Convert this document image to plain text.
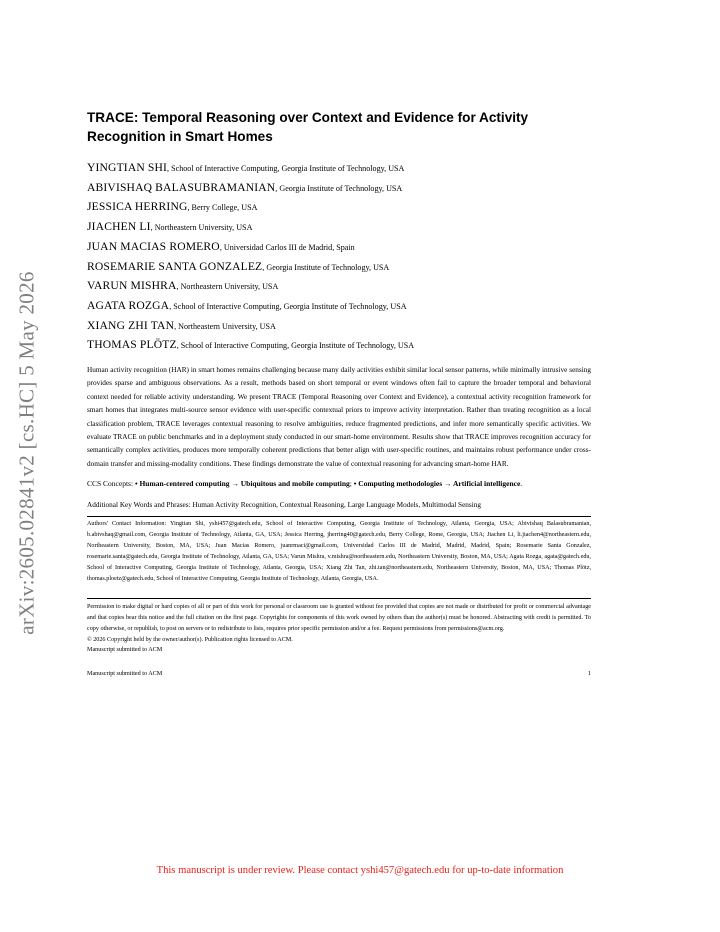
arXiv:2605.02841v2 [cs.HC] 5 May 2026
TRACE: Temporal Reasoning over Context and Evidence for Activity Recognition in Smart Homes
YINGTIAN SHI, School of Interactive Computing, Georgia Institute of Technology, USA
ABIVISHAQ BALASUBRAMANIAN, Georgia Institute of Technology, USA
JESSICA HERRING, Berry College, USA
JIACHEN LI, Northeastern University, USA
JUAN MACIAS ROMERO, Universidad Carlos III de Madrid, Spain
ROSEMARIE SANTA GONZALEZ, Georgia Institute of Technology, USA
VARUN MISHRA, Northeastern University, USA
AGATA ROZGA, School of Interactive Computing, Georgia Institute of Technology, USA
XIANG ZHI TAN, Northeastern University, USA
THOMAS PLÖTZ, School of Interactive Computing, Georgia Institute of Technology, USA
Human activity recognition (HAR) in smart homes remains challenging because many daily activities exhibit similar local sensor patterns, while minimally intrusive sensing provides sparse and ambiguous observations. As a result, methods based on short temporal or event windows often fail to capture the broader temporal and behavioral context needed for reliable activity understanding. We present TRACE (Temporal Reasoning over Context and Evidence), a contextual activity recognition framework for smart homes that integrates multi-source sensor evidence with user-specific contextual priors to improve activity interpretation. Rather than treating recognition as a local classification problem, TRACE leverages contextual reasoning to resolve ambiguities, reduce fragmented predictions, and infer more semantically specific activities. We evaluate TRACE on public benchmarks and in a deployment study conducted in our smart-home environment. Results show that TRACE improves recognition accuracy for semantically complex activities, produces more temporally coherent predictions that better align with user-specific routines, and maintains robust performance under cross-domain transfer and missing-modality conditions. These findings demonstrate the value of contextual reasoning for advancing smart-home HAR.
CCS Concepts: • Human-centered computing → Ubiquitous and mobile computing; • Computing methodologies → Artificial intelligence.
Additional Key Words and Phrases: Human Activity Recognition, Contextual Reasoning, Large Language Models, Multimodal Sensing
Authors' Contact Information: Yingtian Shi, yshi457@gatech.edu, School of Interactive Computing, Georgia Institute of Technology, Atlanta, Georgia, USA; Abivishaq Balasubramanian, b.abivshaq@gmail.com, Georgia Institute of Technology, Atlanta, GA, USA; Jessica Herring, jherring40@gatech.edu, Berry College, Rome, Georgia, USA; Jiachen Li, li.jiachen4@northeastern.edu, Northeastern University, Boston, MA, USA; Juan Macias Romero, juanrmaci@gmail.com, Universidad Carlos III de Madrid, Madrid, Madrid, Spain; Rosemarie Santa Gonzalez, rosemarie.santa@gatech.edu, Georgia Institute of Technology, Atlanta, GA, USA; Varun Mishra, v.mishra@northeastern.edu, Northeastern University, Boston, MA, USA; Agata Rozga, agata@gatech.edu, School of Interactive Computing, Georgia Institute of Technology, Atlanta, Georgia, USA; Xiang Zhi Tan, zhi.tan@northeastern.edu, Northeastern University, Boston, MA, USA; Thomas Plötz, thomas.ploetz@gatech.edu, School of Interactive Computing, Georgia Institute of Technology, Atlanta, Georgia, USA.
Permission to make digital or hard copies of all or part of this work for personal or classroom use is granted without fee provided that copies are not made or distributed for profit or commercial advantage and that copies bear this notice and the full citation on the first page. Copyrights for components of this work owned by others than the author(s) must be honored. Abstracting with credit is permitted. To copy otherwise, or republish, to post on servers or to redistribute to lists, requires prior specific permission and/or a fee. Request permissions from permissions@acm.org.
© 2026 Copyright held by the owner/author(s). Publication rights licensed to ACM.
Manuscript submitted to ACM
Manuscript submitted to ACM	1
This manuscript is under review. Please contact yshi457@gatech.edu for up-to-date information
